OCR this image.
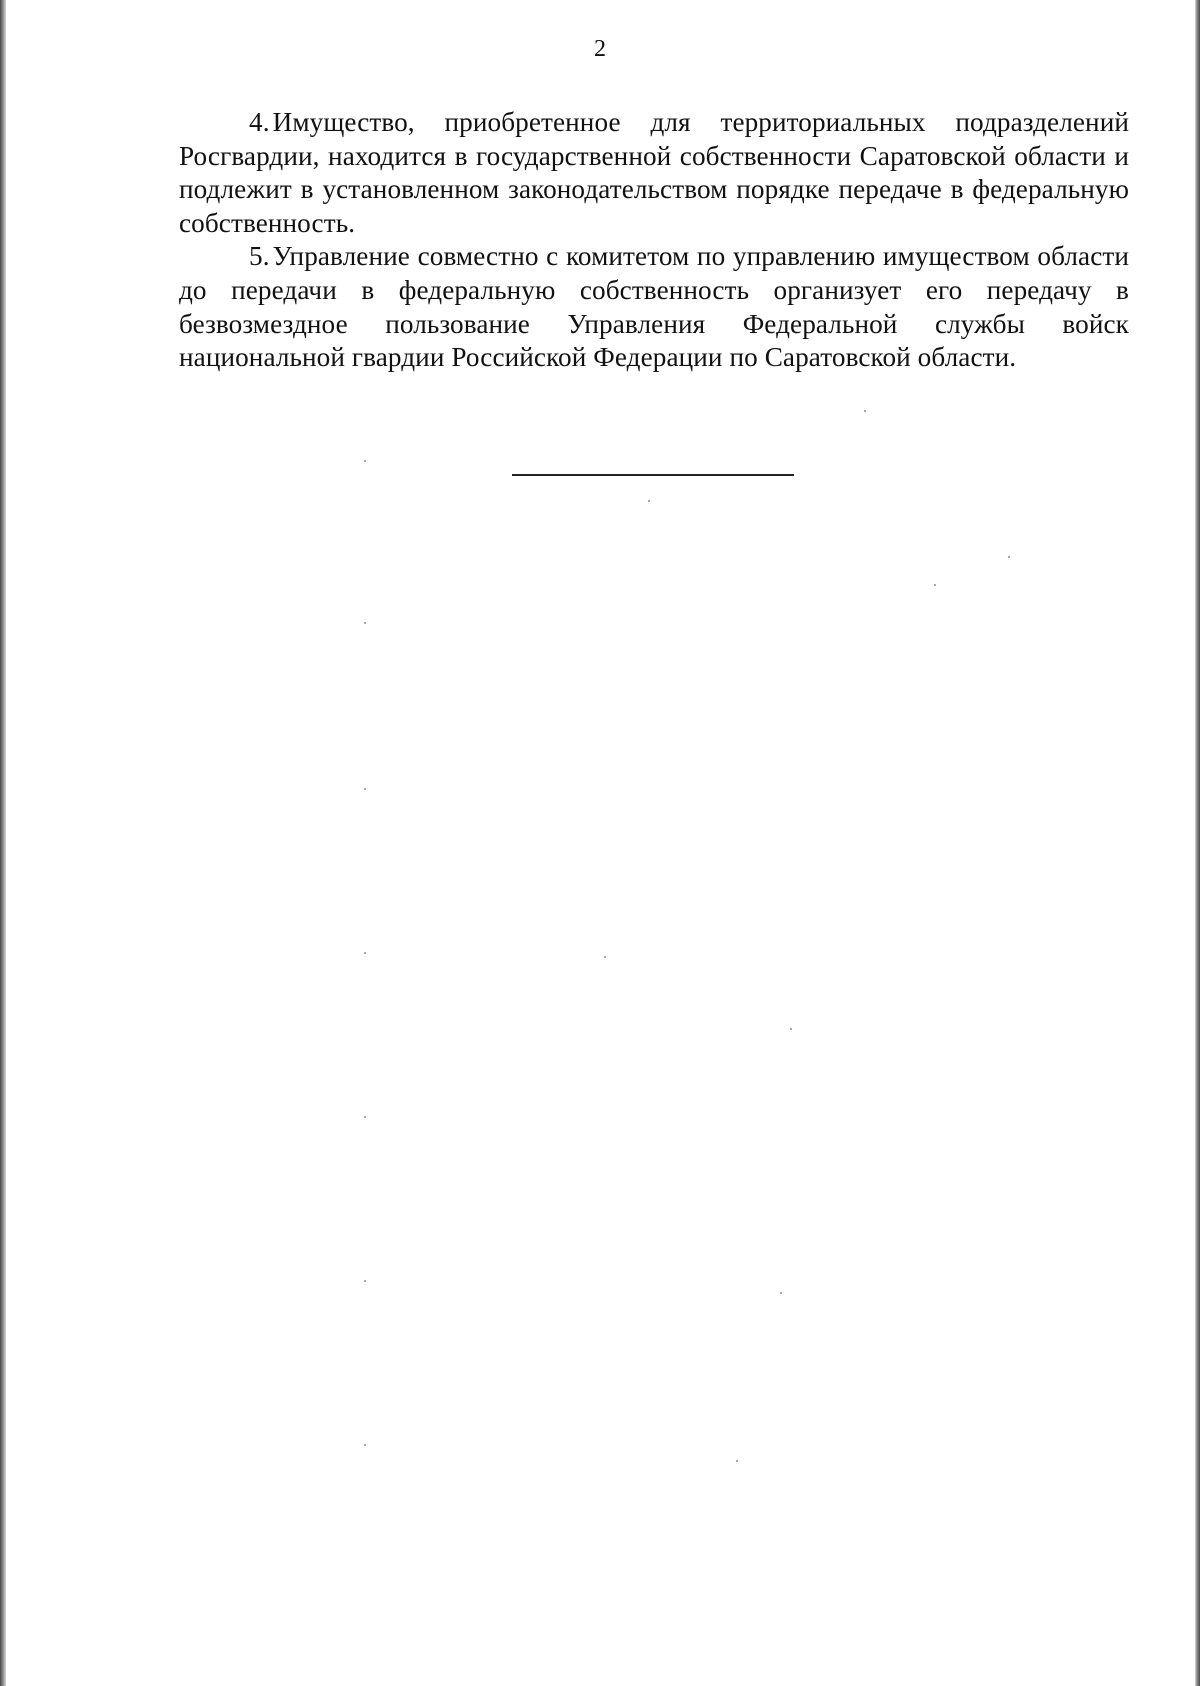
2

4. Имущество, приобретенное для территориальных подразделений Росгвардии, находится в государственной собственности Саратовской области и подлежит в установленном законодательством порядке передаче в федеральную собственность.

5. Управление совместно с комитетом по управлению имуществом области до передачи в федеральную собственность организует его передачу в безвозмездное пользование Управления Федеральной службы войск национальной гвардии Российской Федерации по Саратовской области.
